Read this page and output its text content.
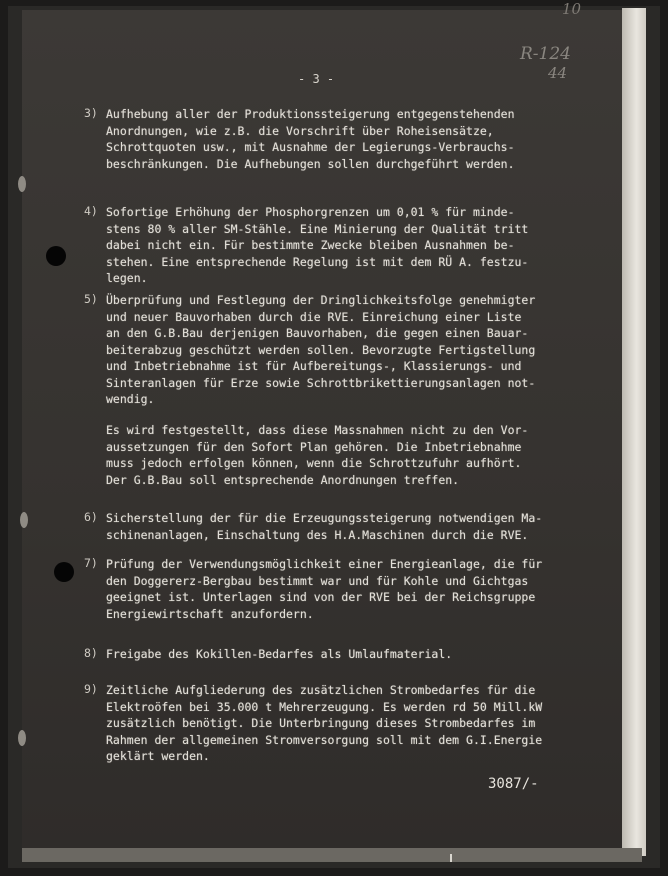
10
R-124
44
- 3 -
3) Aufhebung aller der Produktionssteigerung entgegenstehenden
Anordnungen, wie z.B. die Vorschrift über Roheisensätze,
Schrottquoten usw., mit Ausnahme der Legierungs-Verbrauchs-
beschränkungen. Die Aufhebungen sollen durchgeführt werden.
4) Sofortige Erhöhung der Phosphorgrenzen um 0,01 % für minde-
stens 80 % aller SM-Stähle. Eine Minierung der Qualität tritt
dabei nicht ein. Für bestimmte Zwecke bleiben Ausnahmen be-
stehen. Eine entsprechende Regelung ist mit dem RÜ A. festzu-
legen.
5) Überprüfung und Festlegung der Dringlichkeitsfolge genehmigter
und neuer Bauvorhaben durch die RVE. Einreichung einer Liste
an den G.B.Bau derjenigen Bauvorhaben, die gegen einen Bauar-
beiterabzug geschützt werden sollen. Bevorzugte Fertigstellung
und Inbetriebnahme ist für Aufbereitungs-, Klassierungs- und
Sinteranlagen für Erze sowie Schrottbrikettierungsanlagen not-
wendig.
Es wird festgestellt, dass diese Massnahmen nicht zu den Vor-
aussetzungen für den Sofort Plan gehören. Die Inbetriebnahme
muss jedoch erfolgen können, wenn die Schrottzufuhr aufhört.
Der G.B.Bau soll entsprechende Anordnungen treffen.
6) Sicherstellung der für die Erzeugungssteigerung notwendigen Ma-
schinenanlagen, Einschaltung des H.A.Maschinen durch die RVE.
7) Prüfung der Verwendungsmöglichkeit einer Energieanlage, die für
den Doggererz-Bergbau bestimmt war und für Kohle und Gichtgas
geeignet ist. Unterlagen sind von der RVE bei der Reichsgruppe
Energiewirtschaft anzufordern.
8) Freigabe des Kokillen-Bedarfes als Umlaufmaterial.
9) Zeitliche Aufgliederung des zusätzlichen Strombedarfes für die
Elektroöfen bei 35.000 t Mehrerzeugung. Es werden rd 50 Mill.kW
zusätzlich benötigt. Die Unterbringung dieses Strombedarfes im
Rahmen der allgemeinen Stromversorgung soll mit dem G.I.Energie
geklärt werden.
3087/-
